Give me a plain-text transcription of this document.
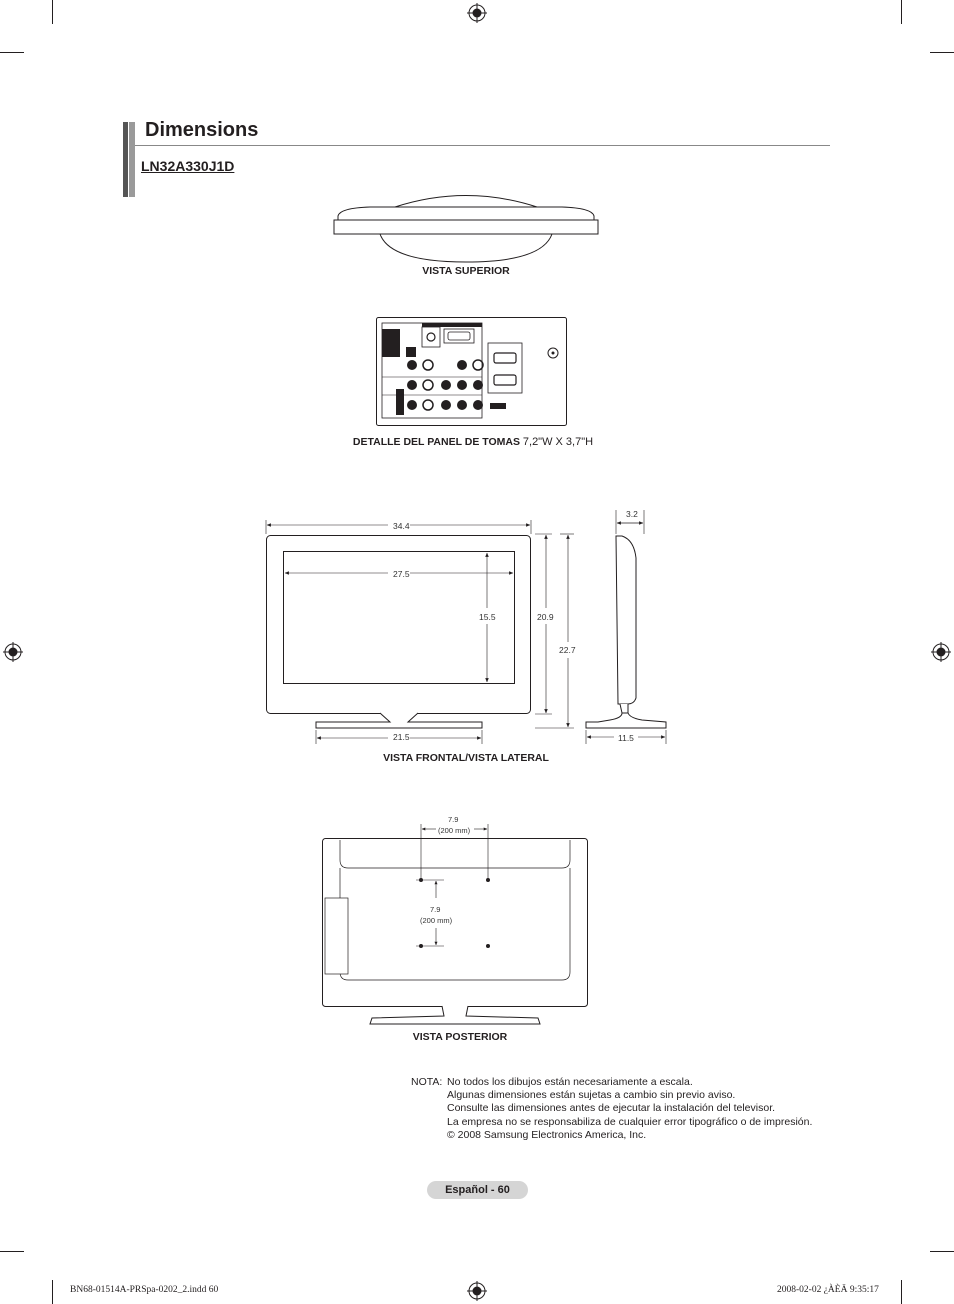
Dimensions
LN32A330J1D
VISTA SUPERIOR
DETALLE DEL PANEL DE TOMAS 7,2"W X 3,7"H
34.4
27.5
15.5	20.9
22.7
21.5
3.2
11.5
VISTA FRONTAL/VISTA LATERAL
7.9
(200 mm)
7.9
(200 mm)
VISTA POSTERIOR
NOTA: No todos los dibujos están necesariamente a escala.
Algunas dimensiones están sujetas a cambio sin previo aviso.
Consulte las dimensiones antes de ejecutar la instalación del televisor.
La empresa no se responsabiliza de cualquier error tipográfico o de impresión.
© 2008 Samsung Electronics America, Inc.
Español - 60
BN68-01514A-PRSpa-0202_2.indd 60	2008-02-02 ¿ÀÈÄ 9:35:17
